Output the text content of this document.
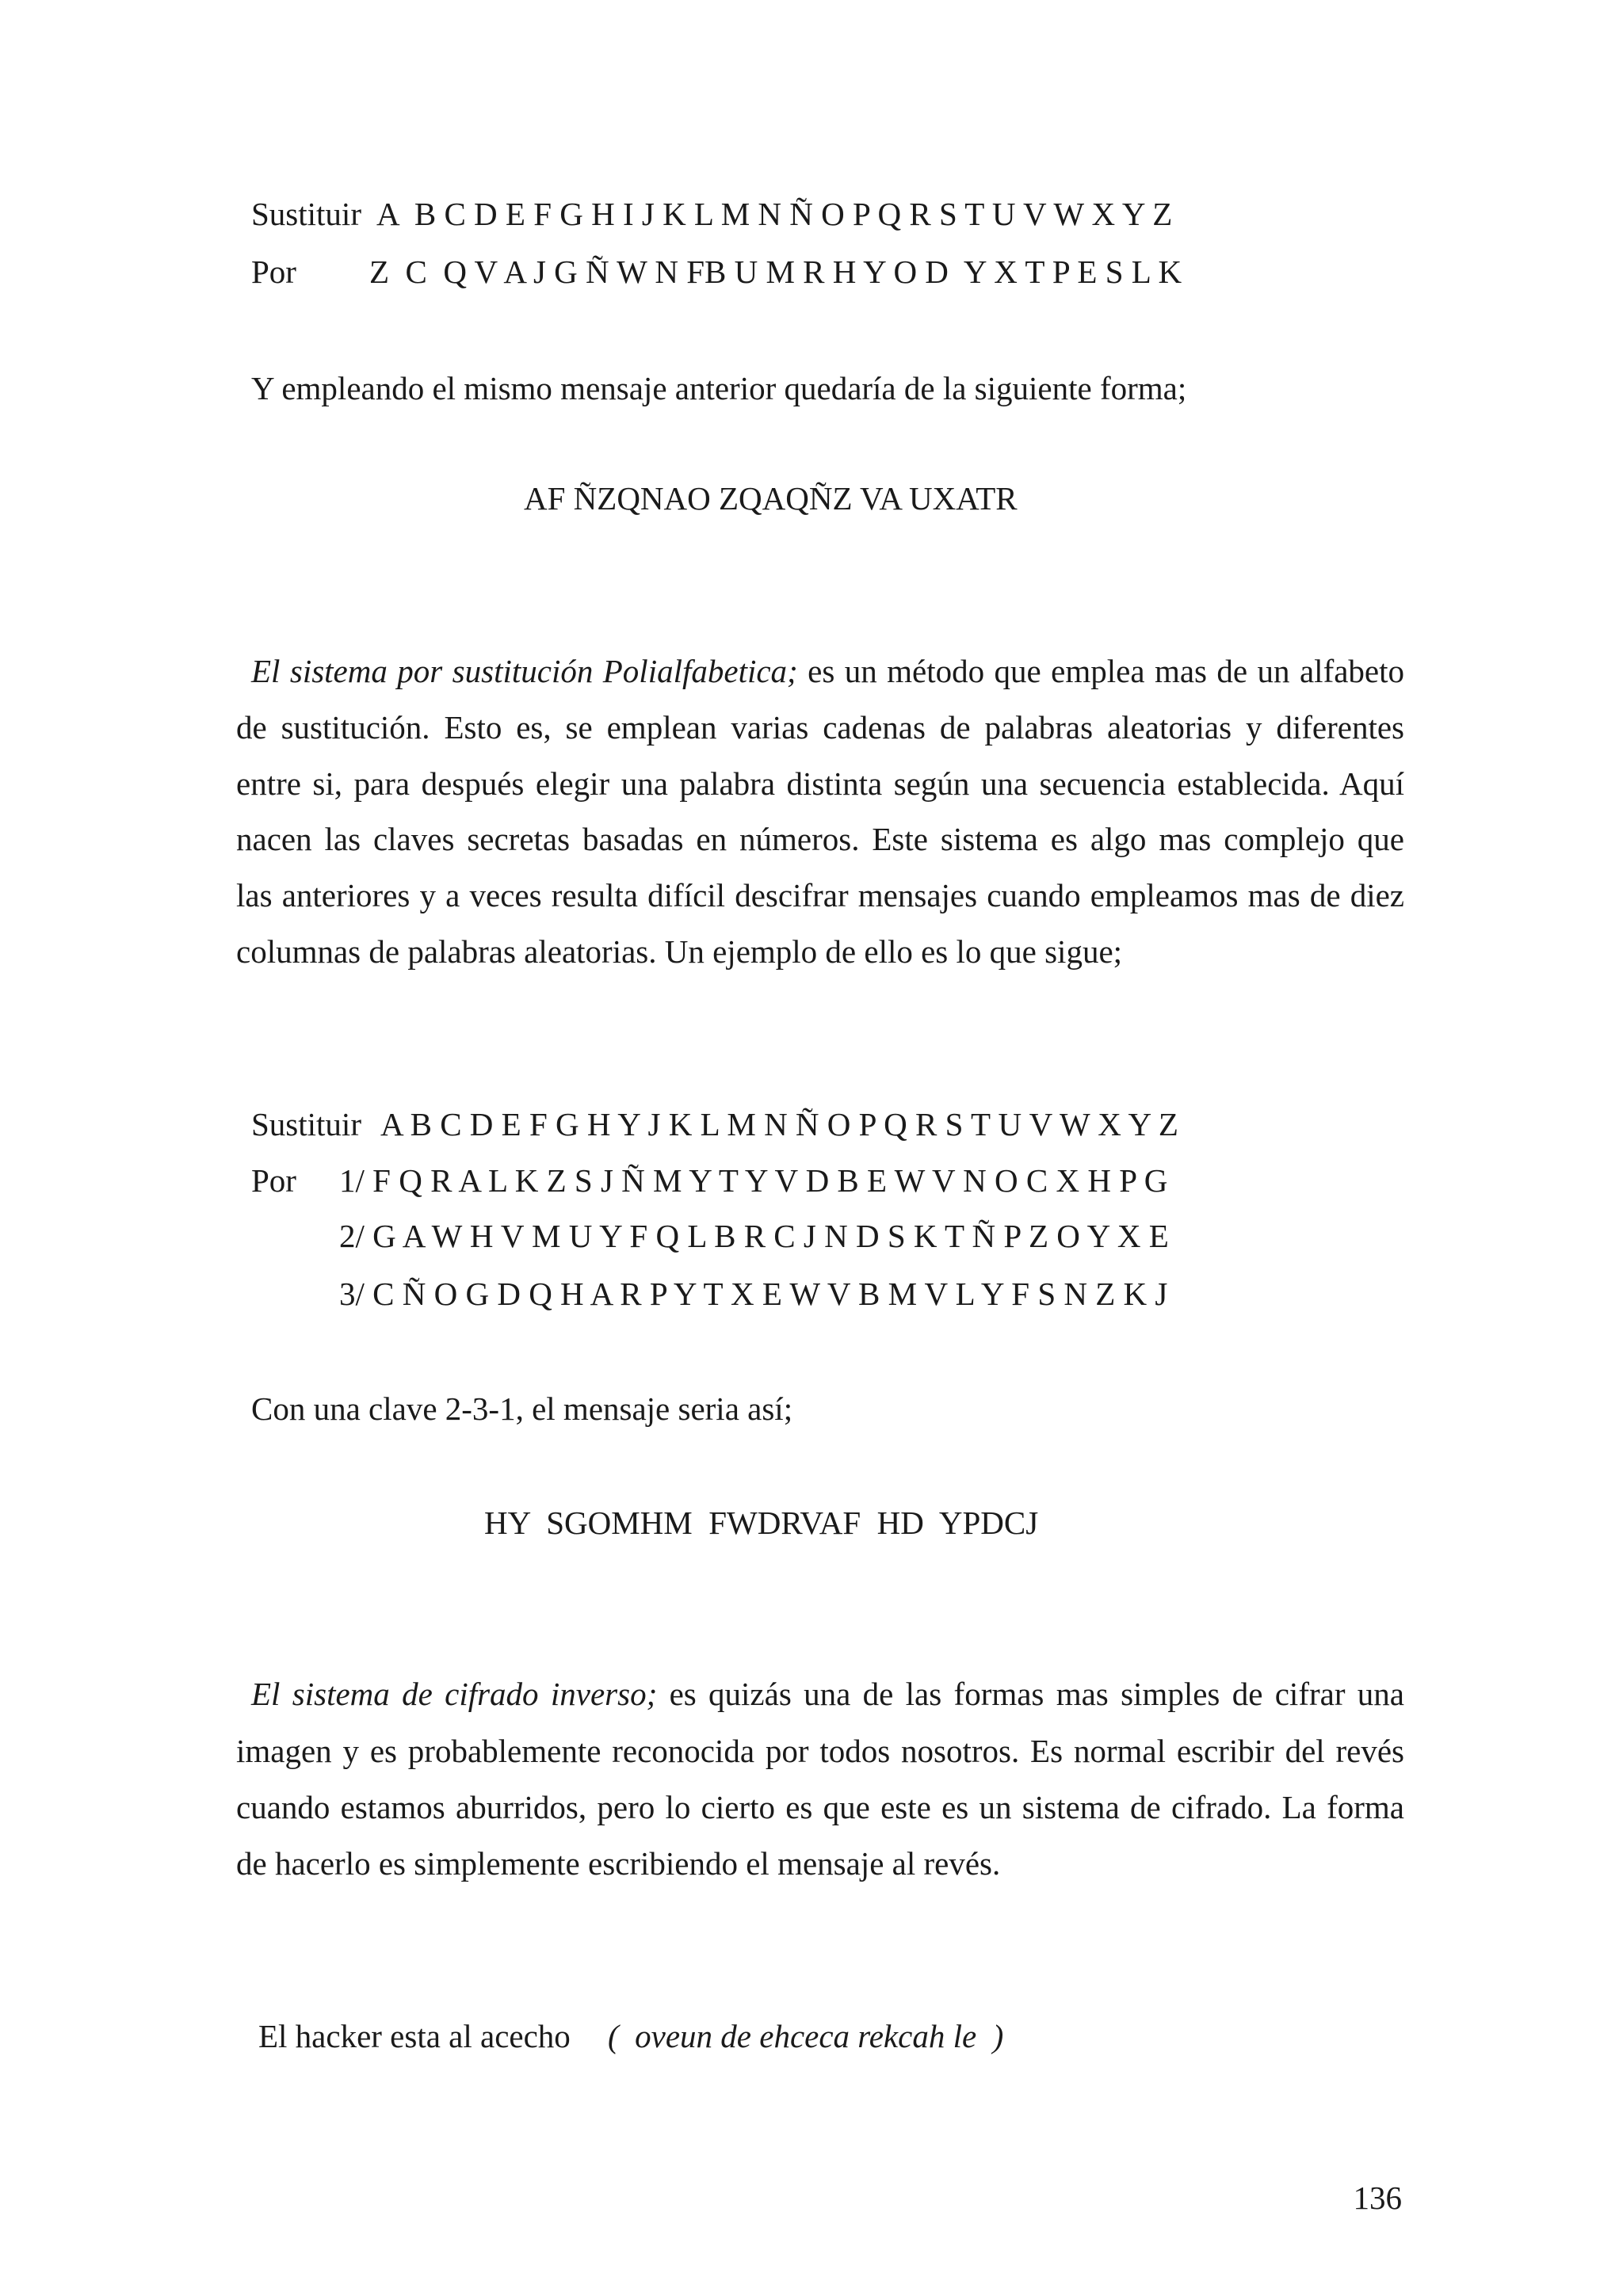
Sustituir A  B C D E F G H I J K L M N Ñ O P Q R S T U V W X Y Z
Por Z  C  Q V A J G Ñ W N FB U M R H Y O D  Y X T P E S L K
Y empleando el mismo mensaje anterior quedaría de la siguiente forma;
AF ÑZQNAO ZQAQÑZ VA UXATR
El sistema por sustitución Polialfabetica; es un método que emplea mas de un alfabeto
de sustitución. Esto es, se emplean varias cadenas de palabras aleatorias y diferentes
entre si, para después elegir una palabra distinta según una secuencia establecida. Aquí
nacen las claves secretas basadas en números. Este sistema es algo mas complejo que
las anteriores y a veces resulta difícil descifrar mensajes cuando empleamos mas de diez
columnas de palabras aleatorias. Un ejemplo de ello es lo que sigue;
Sustituir A B C D E F G H Y J K L M N Ñ O P Q R S T U V W X Y Z
Por 1/ F Q R A L K Z S J Ñ M Y T Y V D B E W V N O C X H P G
2/ G A W H V M U Y F Q L B R C J N D S K T Ñ P Z O Y X E
3/ C Ñ O G D Q H A R P Y T X E W V B M V L Y F S N Z K J
Con una clave 2-3-1, el mensaje seria así;
HY  SGOMHM  FWDRVAF  HD  YPDCJ
El sistema de cifrado inverso; es quizás una de las formas mas simples de cifrar una
imagen y es probablemente reconocida por todos nosotros. Es normal escribir del revés
cuando estamos aburridos, pero lo cierto es que este es un sistema de cifrado. La forma
de hacerlo es simplemente escribiendo el mensaje al revés.
El hacker esta al acecho (  oveun de ehceca rekcah le  )
136
